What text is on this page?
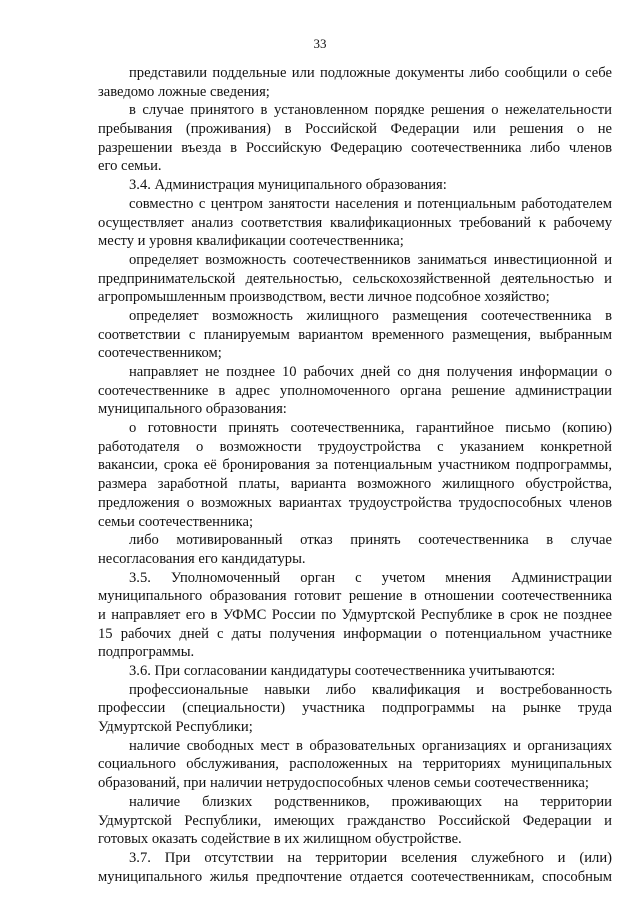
33
представили поддельные или подложные документы либо сообщили о себе
заведомо ложные сведения;
в случае принятого в установленном порядке решения о нежелательности
пребывания (проживания) в Российской Федерации или решения о не
разрешении въезда в Российскую Федерацию соотечественника либо членов
его семьи.
3.4. Администрация муниципального образования:
совместно с центром занятости населения и потенциальным работодателем
осуществляет анализ соответствия квалификационных требований к рабочему
месту и уровня квалификации соотечественника;
определяет возможность соотечественников заниматься инвестиционной и
предпринимательской деятельностью, сельскохозяйственной деятельностью и
агропромышленным производством, вести личное подсобное хозяйство;
определяет возможность жилищного размещения соотечественника в
соответствии с планируемым вариантом временного размещения, выбранным
соотечественником;
направляет не позднее 10 рабочих дней со дня получения информации о
соотечественнике в адрес уполномоченного органа решение администрации
муниципального образования:
о готовности принять соотечественника, гарантийное письмо (копию)
работодателя о возможности трудоустройства с указанием конкретной
вакансии, срока её бронирования за потенциальным участником подпрограммы,
размера заработной платы, варианта возможного жилищного обустройства,
предложения о возможных вариантах трудоустройства трудоспособных членов
семьи соотечественника;
либо мотивированный отказ принять соотечественника в случае
несогласования его кандидатуры.
3.5. Уполномоченный орган с учетом мнения Администрации
муниципального образования готовит решение в отношении соотечественника
и направляет его в УФМС России по Удмуртской Республике в срок не позднее
15 рабочих дней с даты получения информации о потенциальном участнике
подпрограммы.
3.6. При согласовании кандидатуры соотечественника учитываются:
профессиональные навыки либо квалификация и востребованность
профессии (специальности) участника подпрограммы на рынке труда
Удмуртской Республики;
наличие свободных мест в образовательных организациях и организациях
социального обслуживания, расположенных на территориях муниципальных
образований, при наличии нетрудоспособных членов семьи соотечественника;
наличие близких родственников, проживающих на территории
Удмуртской Республики, имеющих гражданство Российской Федерации и
готовых оказать содействие в их жилищном обустройстве.
3.7. При отсутствии на территории вселения служебного и (или)
муниципального жилья предпочтение отдается соотечественникам, способным
